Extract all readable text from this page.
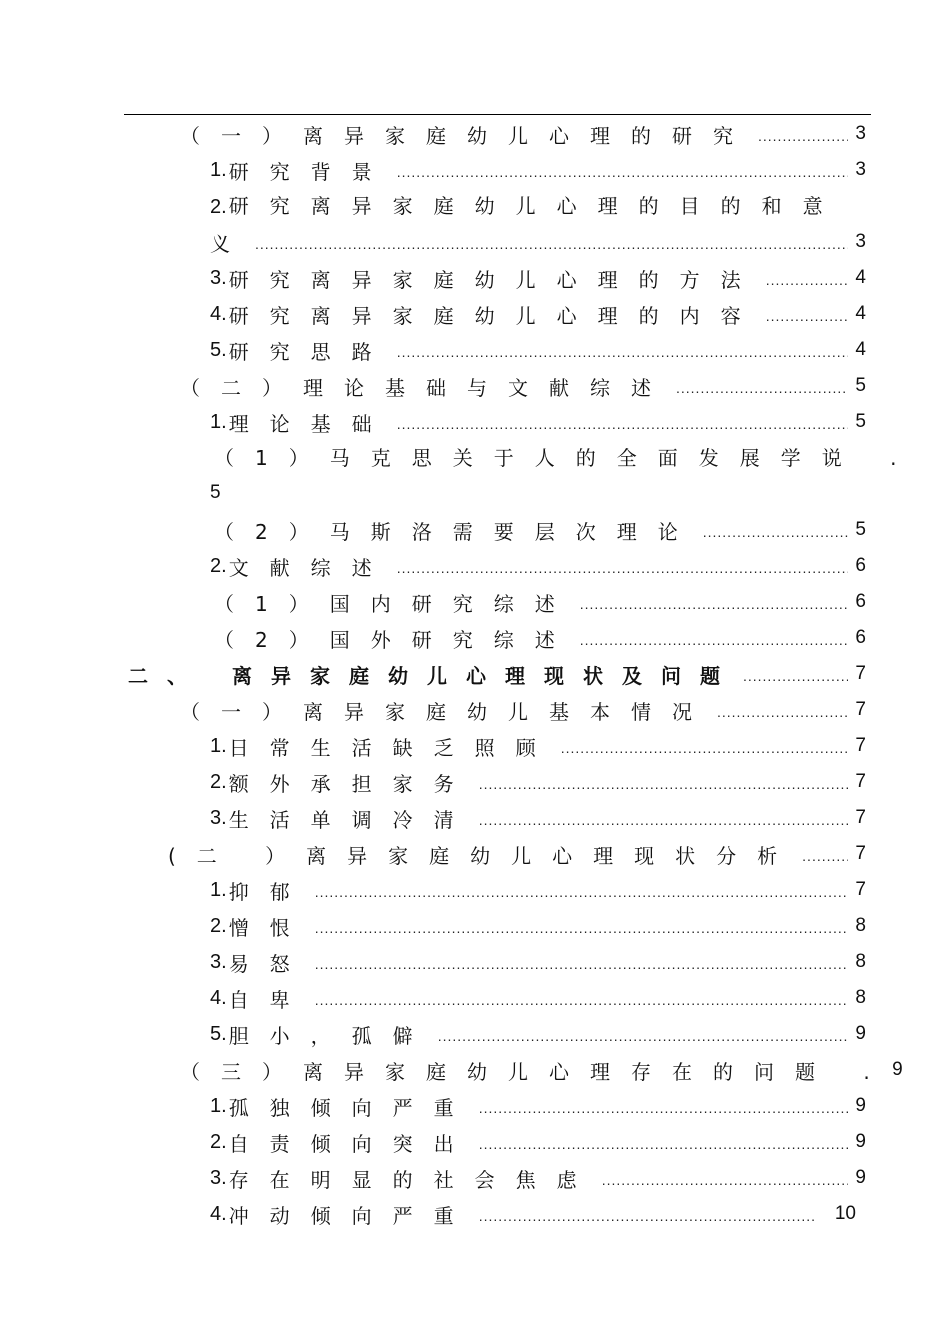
（一）离异家庭幼儿心理的研究 .....	3
1. 研究背景 .....	3
2. 研究离异家庭幼儿心理的目的和意
义 .....	3
3. 研究离异家庭幼儿心理的方法 .....	4
4. 研究离异家庭幼儿心理的内容 .....	4
5. 研究思路 .....	4
（二）理论基础与文献综述 .....	5
1. 理论基础 .....	5
（1）马克思关于人的全面发展学说 .
5
（2）马斯洛需要层次理论 .....	5
2. 文献综述 .....	6
（1）国内研究综述 .....	6
（2）国外研究综述 .....	6
二、 离异家庭幼儿心理现状及问题 .....	7
（一）离异家庭幼儿基本情况 .....	7
1. 日常生活缺乏照顾 .....	7
2. 额外承担家务 .....	7
3. 生活单调冷清 .....	7
(二 ）离异家庭幼儿心理现状分析 .....	7
1. 抑郁 .....	7
2. 憎恨 .....	8
3. 易怒 .....	8
4. 自卑 .....	8
5. 胆小，孤僻 .....	9
（三）离异家庭幼儿心理存在的问题 . 9
1. 孤独倾向严重 .....	9
2. 自责倾向突出 .....	9
3. 存在明显的社会焦虑 .....	9
4. 冲动倾向严重 .....	10
